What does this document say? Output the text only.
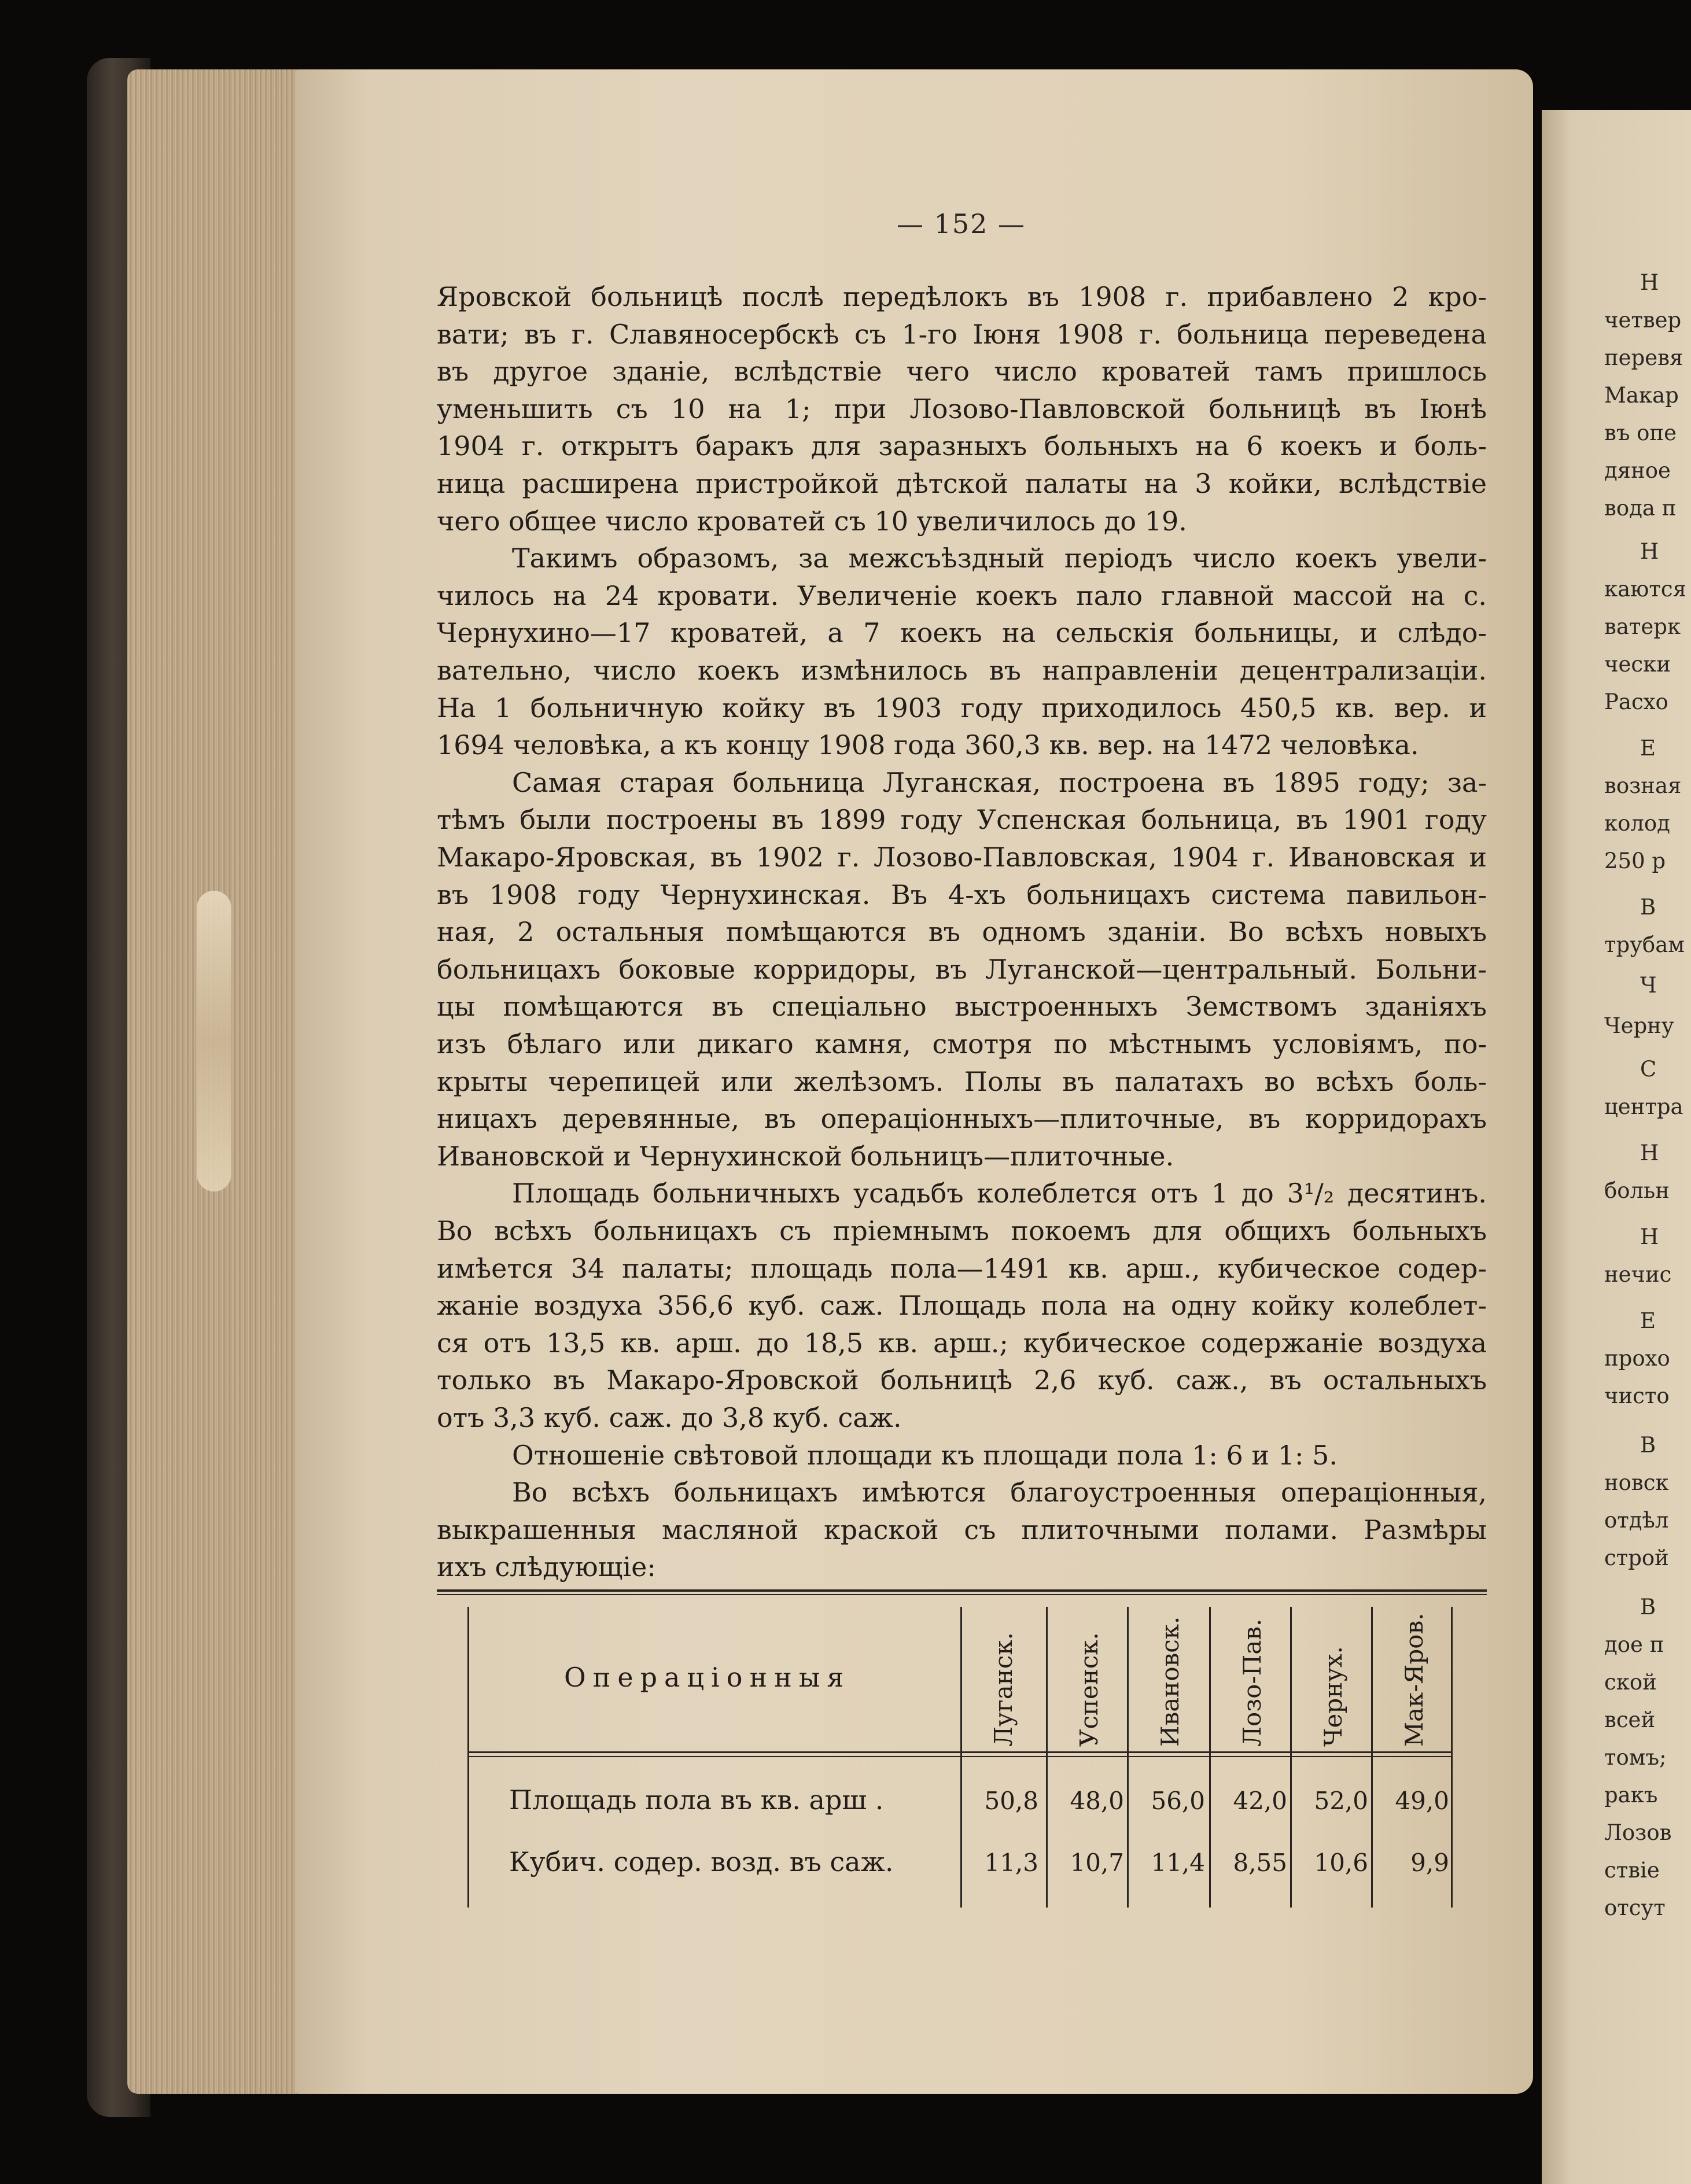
Н
четвер
перевя
Макар
въ опе
дяное
вода п
Н
каются
ватерк
чески
Расхо
Е
возная
колод
250 р
В
трубам
Ч
Черну
С
центра
Н
больн
Н
нечис
Е
прохо
чисто
В
новск
отдѣл
строй
В
дое п
ской
всей
томъ;
ракъ
Лозов
ствіе
отсут
— 152 —
Яровской больницѣ послѣ передѣлокъ въ 1908 г. прибавлено 2 кро-
вати; въ г. Славяносербскѣ съ 1-го Іюня 1908 г. больница переведена
въ другое зданіе, вслѣдствіе чего число кроватей тамъ пришлось
уменьшить съ 10 на 1; при Лозово-Павловской больницѣ въ Іюнѣ
1904 г. открытъ баракъ для заразныхъ больныхъ на 6 коекъ и боль-
ница расширена пристройкой дѣтской палаты на 3 койки, вслѣдствіе
чего общее число кроватей съ 10 увеличилось до 19.
Такимъ образомъ, за межсъѣздный періодъ число коекъ увели-
чилось на 24 кровати. Увеличеніе коекъ пало главной массой на с.
Чернухино—17 кроватей, а 7 коекъ на сельскія больницы, и слѣдо-
вательно, число коекъ измѣнилось въ направленіи децентрализаціи.
На 1 больничную койку въ 1903 году приходилось 450,5 кв. вер. и
1694 человѣка, а къ концу 1908 года 360,3 кв. вер. на 1472 человѣка.
Самая старая больница Луганская, построена въ 1895 году; за-
тѣмъ были построены въ 1899 году Успенская больница, въ 1901 году
Макаро-Яровская, въ 1902 г. Лозово-Павловская, 1904 г. Ивановская и
въ 1908 году Чернухинская. Въ 4-хъ больницахъ система павильон-
ная, 2 остальныя помѣщаются въ одномъ зданіи. Во всѣхъ новыхъ
больницахъ боковые корридоры, въ Луганской—центральный. Больни-
цы помѣщаются въ спеціально выстроенныхъ Земствомъ зданіяхъ
изъ бѣлаго или дикаго камня, смотря по мѣстнымъ условіямъ, по-
крыты черепицей или желѣзомъ. Полы въ палатахъ во всѣхъ боль-
ницахъ деревянные, въ операціонныхъ—плиточные, въ корридорахъ
Ивановской и Чернухинской больницъ—плиточные.
Площадь больничныхъ усадьбъ колеблется отъ 1 до 3¹/₂ десятинъ.
Во всѣхъ больницахъ съ пріемнымъ покоемъ для общихъ больныхъ
имѣется 34 палаты; площадь пола—1491 кв. арш., кубическое содер-
жаніе воздуха 356,6 куб. саж. Площадь пола на одну койку колеблет-
ся отъ 13,5 кв. арш. до 18,5 кв. арш.; кубическое содержаніе воздуха
только въ Макаро-Яровской больницѣ 2,6 куб. саж., въ остальныхъ
отъ 3,3 куб. саж. до 3,8 куб. саж.
Отношеніе свѣтовой площади къ площади пола 1: 6 и 1: 5.
Во всѣхъ больницахъ имѣются благоустроенныя операціонныя,
выкрашенныя масляной краской съ плиточными полами. Размѣры
ихъ слѣдующіе:
Операціонныя	Луганск. Успенск. Ивановск. Лозо-Пав. Чернух. Мак-Яров.
Площадь пола въ кв. арш .	50,8	48,0	56,0	42,0	52,0	49,0
Кубич. содер. возд. въ саж.	11,3	10,7	11,4	8,55	10,6	9,9
